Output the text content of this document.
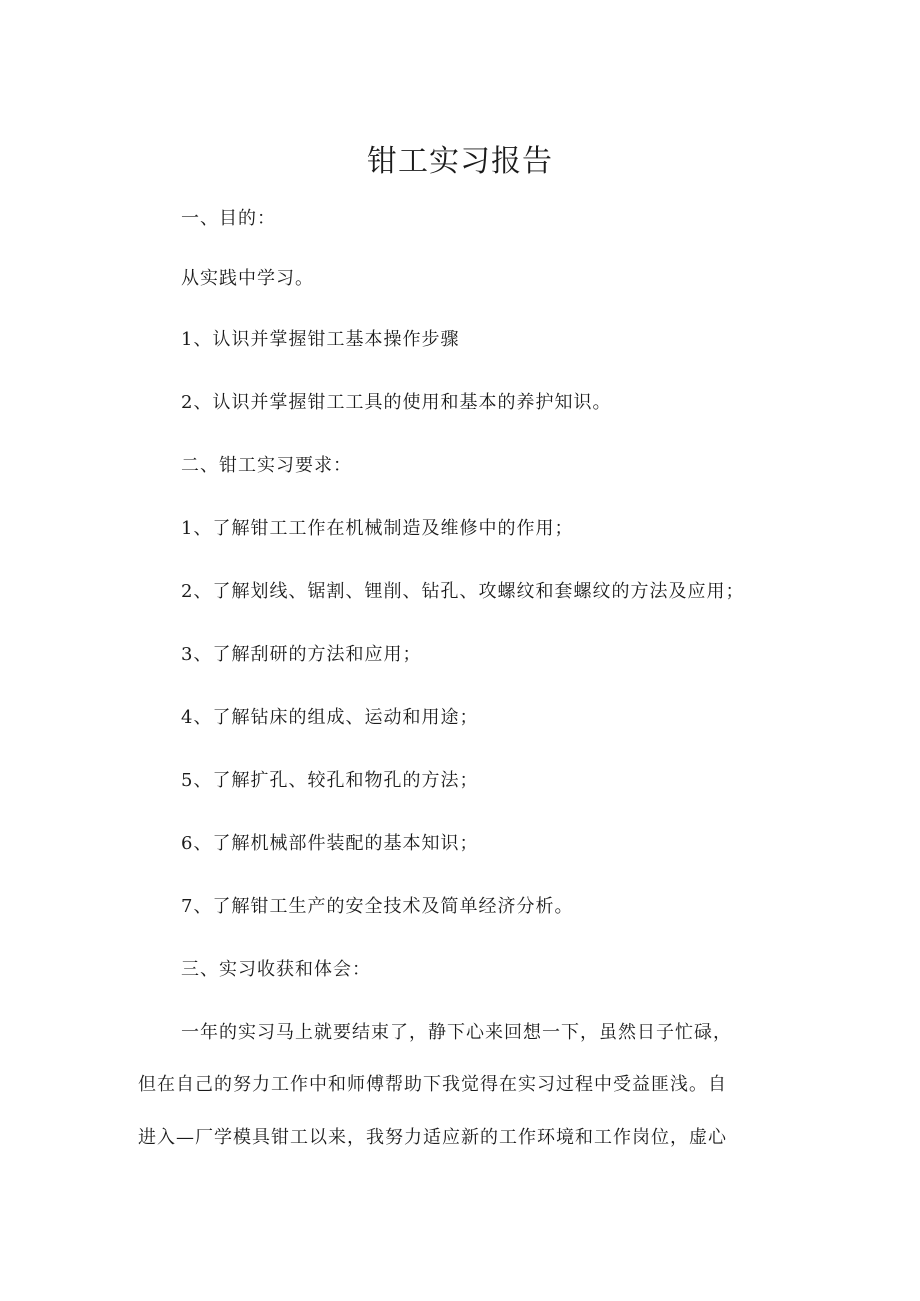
钳工实习报告
一、目的：
从实践中学习。
1、认识并掌握钳工基本操作步骤
2、认识并掌握钳工工具的使用和基本的养护知识。
二、钳工实习要求：
1、了解钳工工作在机械制造及维修中的作用；
2、了解划线、锯割、锂削、钻孔、攻螺纹和套螺纹的方法及应用；
3、了解刮研的方法和应用；
4、了解钻床的组成、运动和用途；
5、了解扩孔、较孔和物孔的方法；
6、了解机械部件装配的基本知识；
7、了解钳工生产的安全技术及简单经济分析。
三、实习收获和体会：
一年的实习马上就要结束了，静下心来回想一下，虽然日子忙碌，
但在自己的努力工作中和师傅帮助下我觉得在实习过程中受益匪浅。自
进入—厂学模具钳工以来，我努力适应新的工作环境和工作岗位，虚心
